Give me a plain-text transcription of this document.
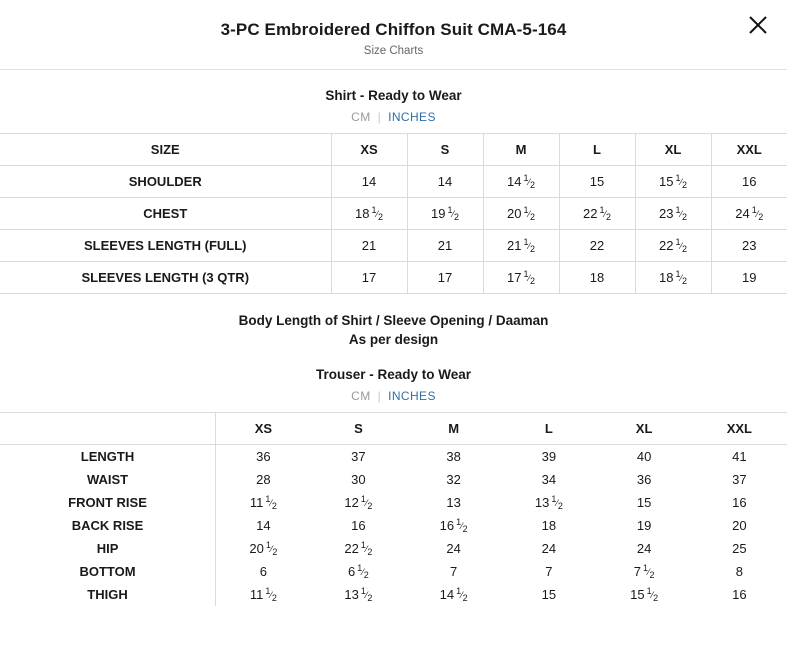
3-PC Embroidered Chiffon Suit CMA-5-164
Size Charts
Shirt - Ready to Wear
CM | INCHES
SIZE	XS	S	M	L	XL	XXL
SHOULDER	14	14	14 1⁄2	15	15 1⁄2	16
CHEST	18 1⁄2	19 1⁄2	20 1⁄2	22 1⁄2	23 1⁄2	24 1⁄2
SLEEVES LENGTH (FULL)	21	21	21 1⁄2	22	22 1⁄2	23
SLEEVES LENGTH (3 QTR)	17	17	17 1⁄2	18	18 1⁄2	19
Body Length of Shirt / Sleeve Opening / Daaman
As per design
Trouser - Ready to Wear
CM | INCHES
	XS	S	M	L	XL	XXL
LENGTH	36	37	38	39	40	41
WAIST	28	30	32	34	36	37
FRONT RISE	11 1⁄2	12 1⁄2	13	13 1⁄2	15	16
BACK RISE	14	16	16 1⁄2	18	19	20
HIP	20 1⁄2	22 1⁄2	24	24	24	25
BOTTOM	6	6 1⁄2	7	7	7 1⁄2	8
THIGH	11 1⁄2	13 1⁄2	14 1⁄2	15	15 1⁄2	16
